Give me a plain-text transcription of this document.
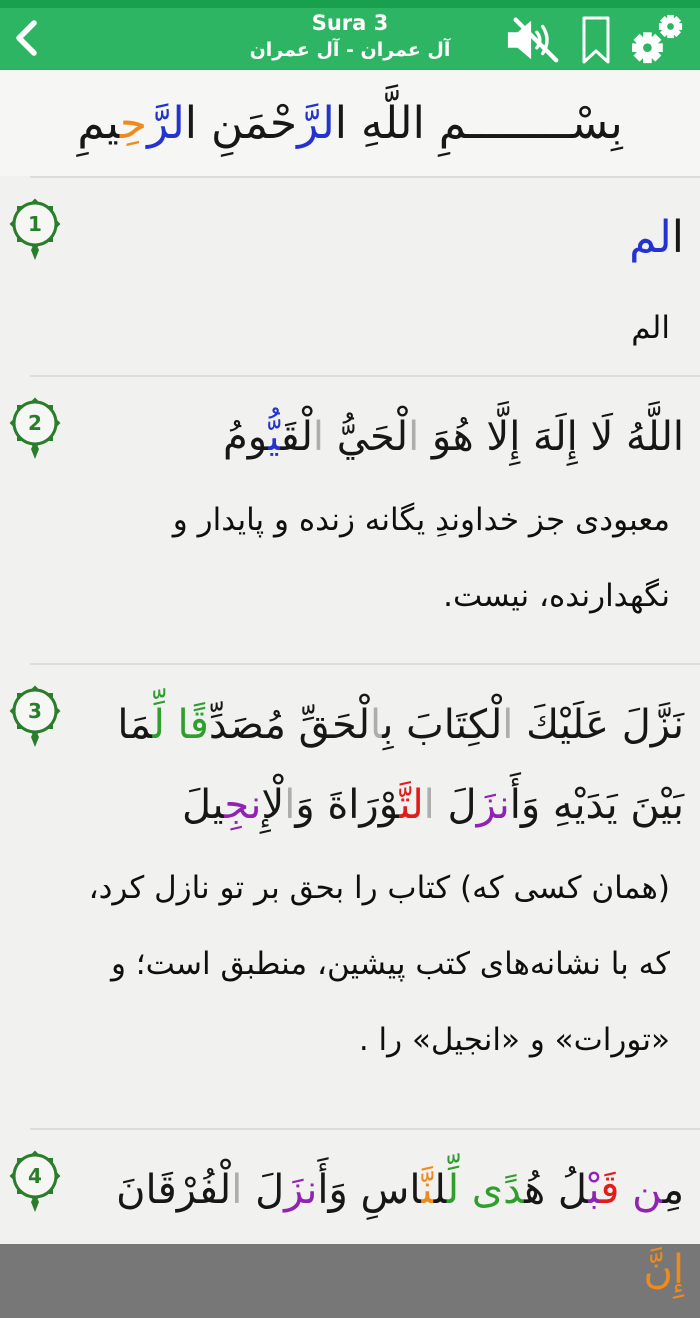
Sura 3
آل عمران - آل عمران
بِسْــــــــمِ اللَّهِ الرَّحْمَنِ الرَّحِ‍‍يمِ
1	الم
الم
2	اللَّهُ لَا إِلَهَ إِلَّا هُوَ الْحَيُّ الْقَ‍‍يُّ‍‍ومُ
معبودی جز خداوندِ یگانه زنده و پایدار و نگهدارنده، نیست.
3	نَزَّلَ عَلَيْكَ الْكِتَابَ بِالْحَقِّ مُصَدِّقًا لِّ‍‍مَا بَيْنَ يَدَيْهِ وَأَنزَلَ التَّ‍‍وْرَاةَ وَالْإِنجِ‍‍يلَ
(همان کسی که) کتاب را بحق بر تو نازل کرد، که با نشانه‌های کتب پیشین، منطبق است؛ و «تورات» و «انجیل» را .
4	مِ‍‍ن قَ‍‍بْ‍‍لُ هُ‍‍دًى لِّ‍‍ل‍‍نَّ‍‍اسِ وَأَنزَلَ الْفُرْقَانَ إِنَّ
